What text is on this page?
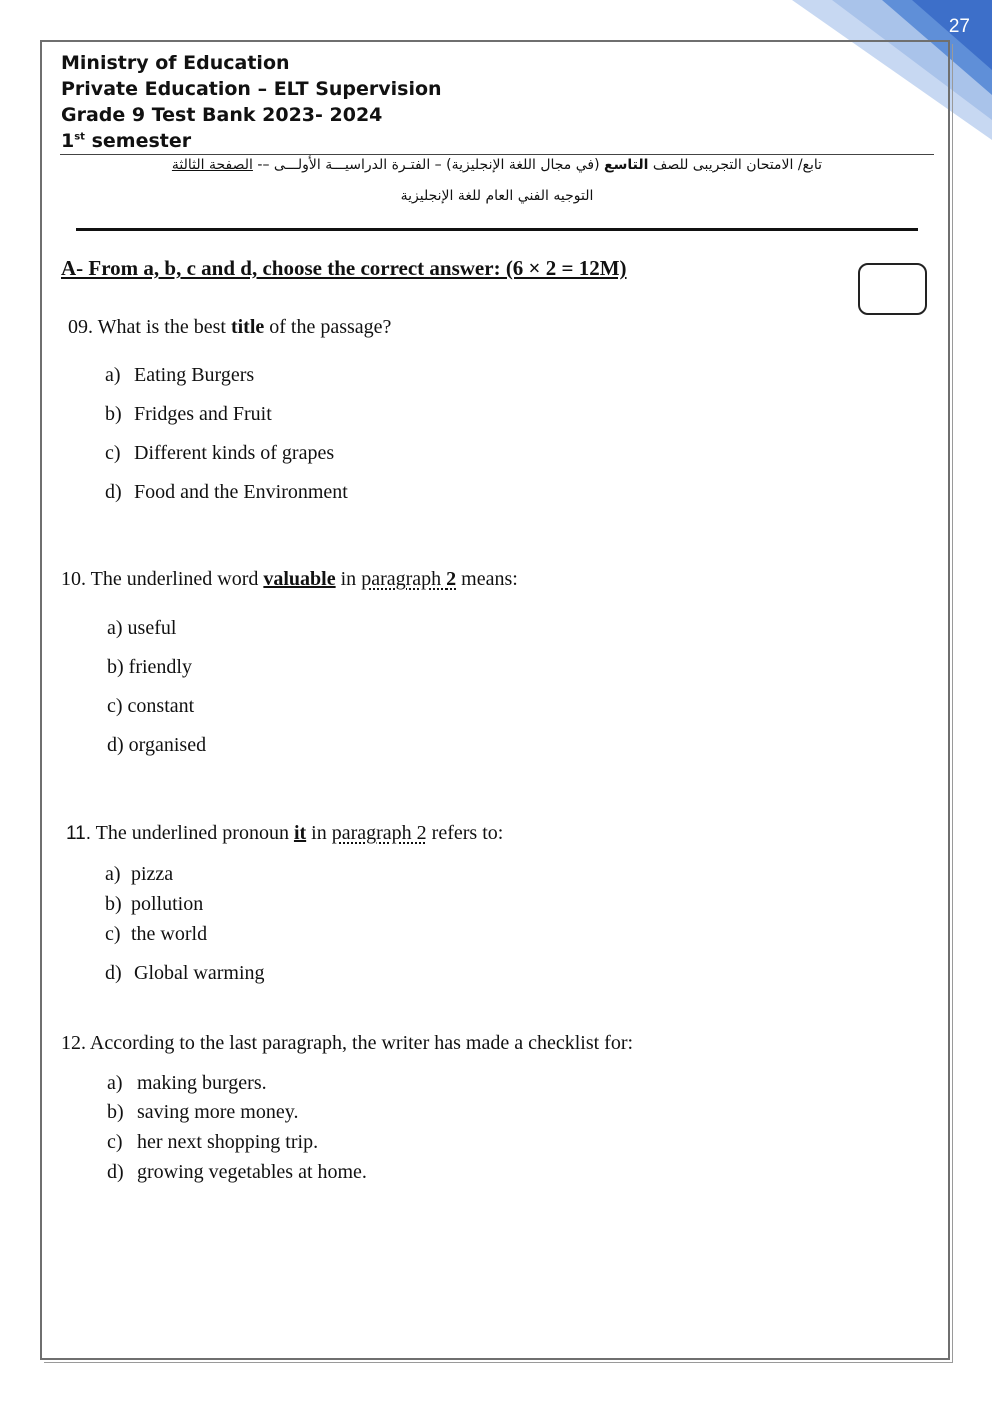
27
Ministry of Education
Private Education – ELT Supervision
Grade 9 Test Bank 2023- 2024
1st semester
تابع/ الامتحان التجريبى للصف التاسع (في مجال اللغة الإنجليزية) – الفتـرة الدراسيـــة الأولـــى –- الصفحة الثالثة
التوجيه الفني العام للغة الإنجليزية
A- From a, b, c and d, choose the correct answer: (6 × 2 = 12M)
09. What is the best title of the passage?
a) Eating Burgers
b) Fridges and Fruit
c) Different kinds of grapes
d) Food and the Environment
10. The underlined word valuable in paragraph 2 means:
a) useful
b) friendly
c) constant
d) organised
11. The underlined pronoun it in paragraph 2 refers to:
a) pizza
b) pollution
c) the world
d) Global warming
12. According to the last paragraph, the writer has made a checklist for:
a) making burgers.
b) saving more money.
c) her next shopping trip.
d) growing vegetables at home.
